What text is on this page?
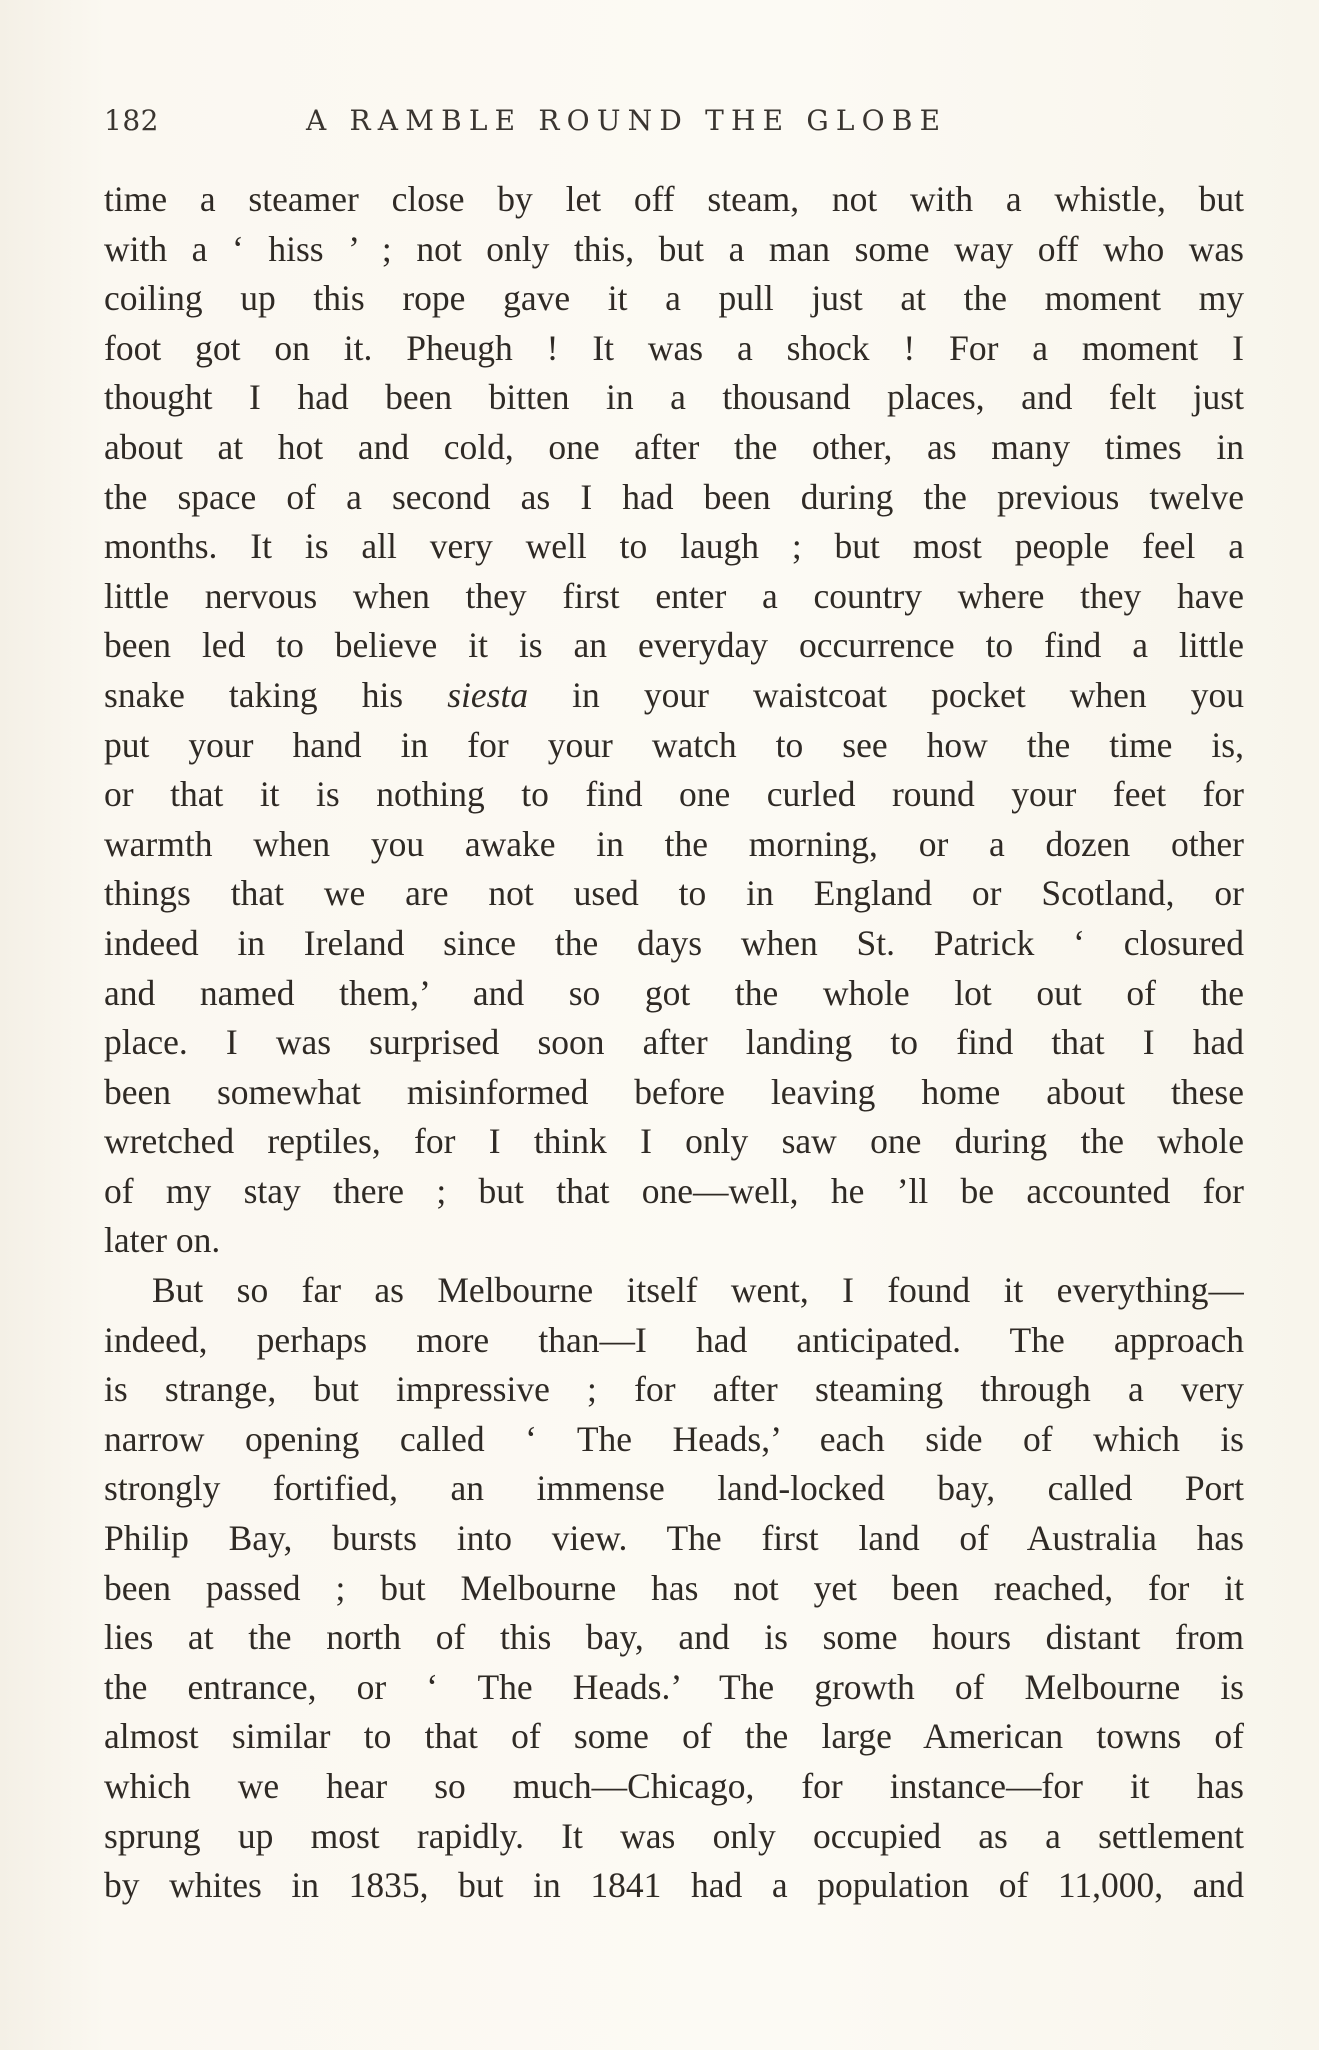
182	A RAMBLE ROUND THE GLOBE
time a steamer close by let off steam, not with a whistle, but
with a ‘ hiss ’ ; not only this, but a man some way off who was
coiling up this rope gave it a pull just at the moment my
foot got on it. Pheugh ! It was a shock ! For a moment I
thought I had been bitten in a thousand places, and felt just
about at hot and cold, one after the other, as many times in
the space of a second as I had been during the previous twelve
months. It is all very well to laugh ; but most people feel a
little nervous when they first enter a country where they have
been led to believe it is an everyday occurrence to find a little
snake taking his siesta in your waistcoat pocket when you
put your hand in for your watch to see how the time is,
or that it is nothing to find one curled round your feet for
warmth when you awake in the morning, or a dozen other
things that we are not used to in England or Scotland, or
indeed in Ireland since the days when St. Patrick ‘ closured
and named them,’ and so got the whole lot out of the
place. I was surprised soon after landing to find that I had
been somewhat misinformed before leaving home about these
wretched reptiles, for I think I only saw one during the whole
of my stay there ; but that one—well, he ’ll be accounted for
later on.
But so far as Melbourne itself went, I found it everything—
indeed, perhaps more than—I had anticipated. The approach
is strange, but impressive ; for after steaming through a very
narrow opening called ‘ The Heads,’ each side of which is
strongly fortified, an immense land-locked bay, called Port
Philip Bay, bursts into view. The first land of Australia has
been passed ; but Melbourne has not yet been reached, for it
lies at the north of this bay, and is some hours distant from
the entrance, or ‘ The Heads.’ The growth of Melbourne is
almost similar to that of some of the large American towns of
which we hear so much—Chicago, for instance—for it has
sprung up most rapidly. It was only occupied as a settlement
by whites in 1835, but in 1841 had a population of 11,000, and
